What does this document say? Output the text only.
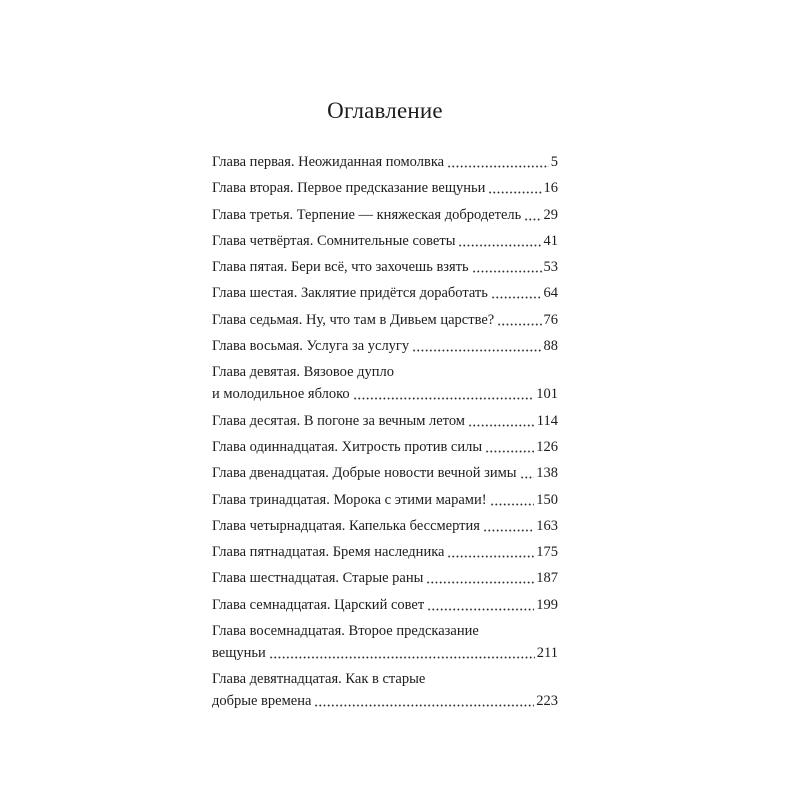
Оглавление
Глава первая. Неожиданная помолвка	5
Глава вторая. Первое предсказание вещуньи	16
Глава третья. Терпение — княжеская добродетель 29
Глава четвёртая. Сомнительные советы	41
Глава пятая. Бери всё, что захочешь взять	53
Глава шестая. Заклятие придётся доработать	64
Глава седьмая. Ну, что там в Дивьем царстве?	76
Глава восьмая. Услуга за услугу	88
Глава девятая. Вязовое дупло
и молодильное яблоко	101
Глава десятая. В погоне за вечным летом	114
Глава одиннадцатая. Хитрость против силы	126
Глава двенадцатая. Добрые новости вечной зимы 138
Глава тринадцатая. Морока с этими марами!	150
Глава четырнадцатая. Капелька бессмертия	163
Глава пятнадцатая. Бремя наследника	175
Глава шестнадцатая. Старые раны	187
Глава семнадцатая. Царский совет	199
Глава восемнадцатая. Второе предсказание
вещуньи	211
Глава девятнадцатая. Как в старые
добрые времена	223
